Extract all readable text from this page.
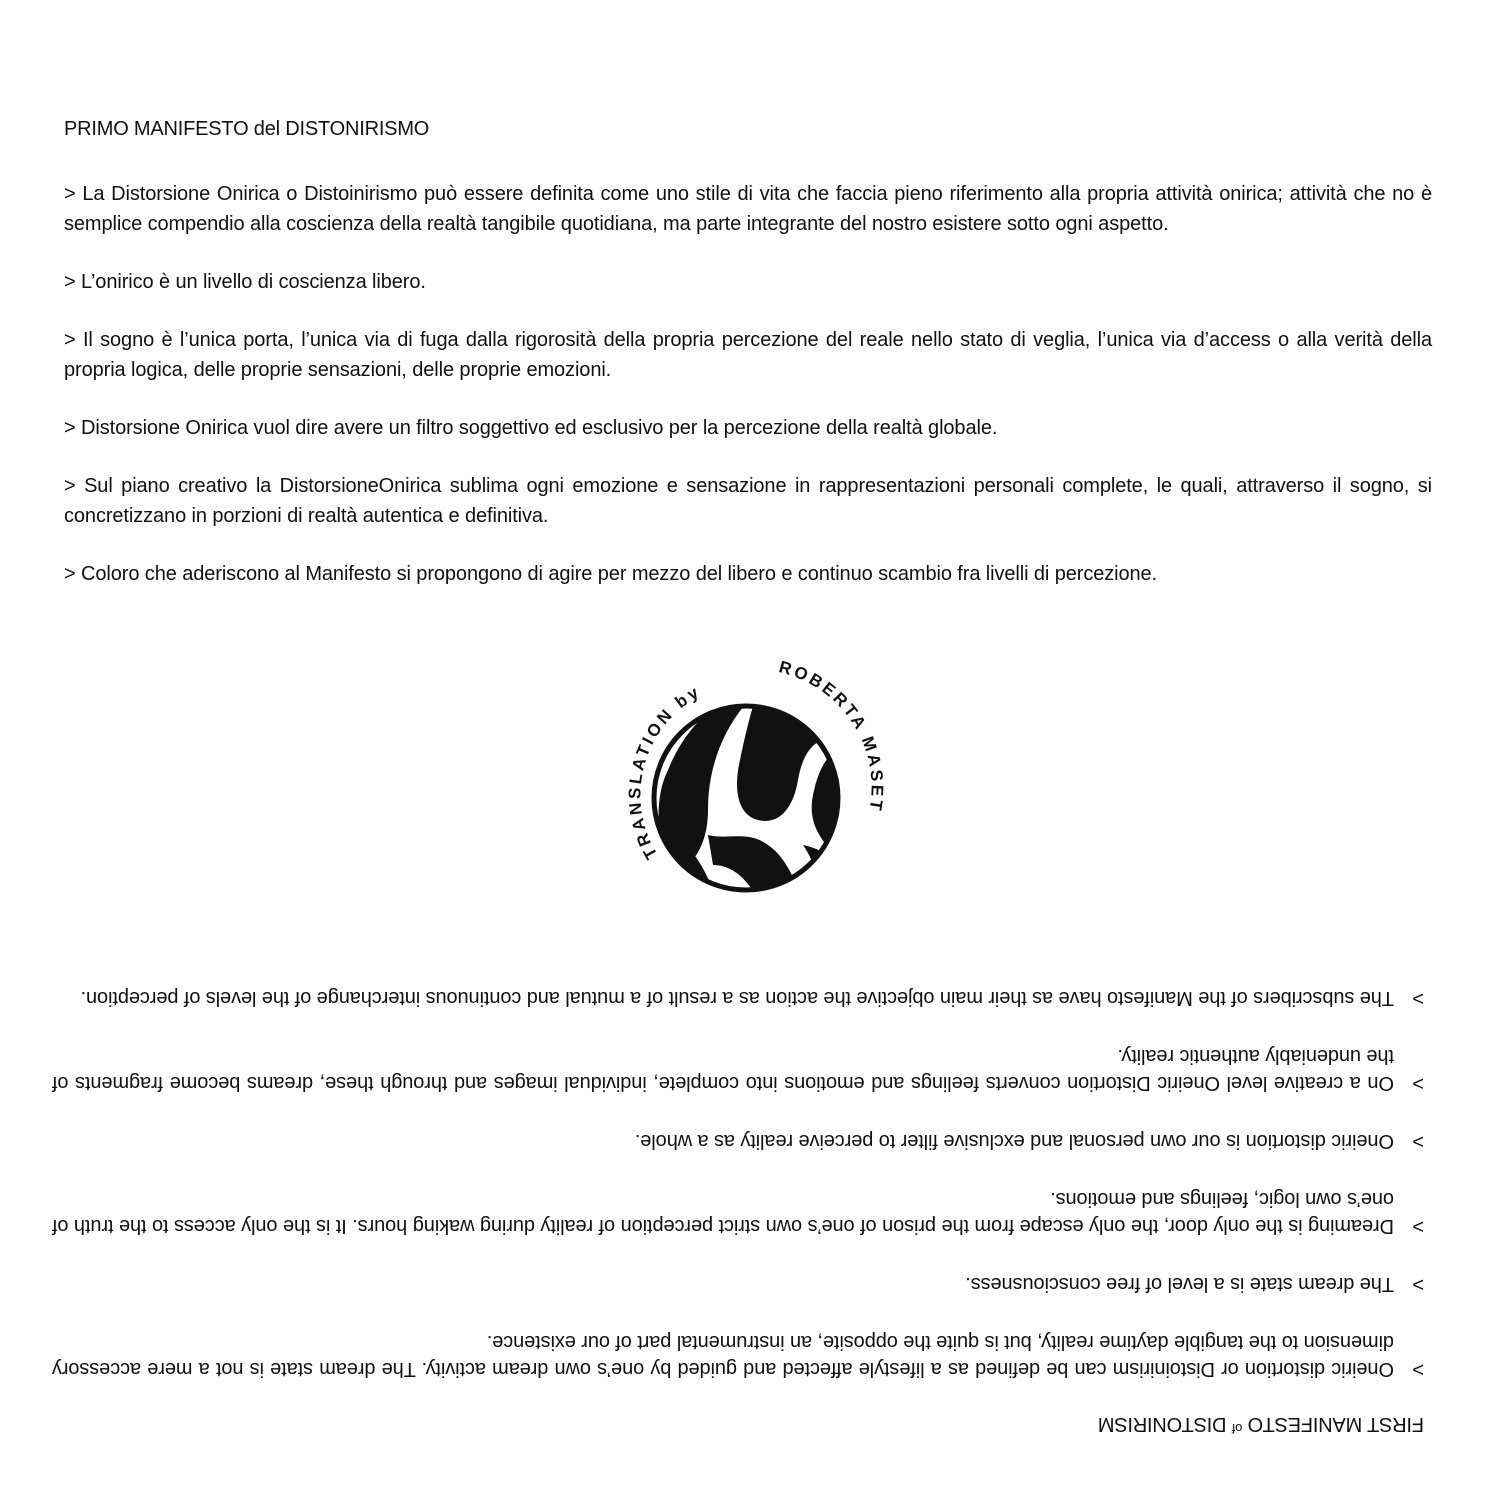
PRIMO MANIFESTO del DISTONIRISMO

> La Distorsione Onirica o Distoinirismo può essere definita come uno stile di vita che faccia pieno riferimento alla propria attività onirica; attività che no è semplice compendio alla coscienza della realtà tangibile quotidiana, ma parte integrante del nostro esistere sotto ogni aspetto.

> L’onirico è un livello di coscienza libero.

> Il sogno è l’unica porta, l’unica via di fuga dalla rigorosità della propria percezione del reale nello stato di veglia, l’unica via d’access o alla verità della propria logica, delle proprie sensazioni, delle proprie emozioni.

> Distorsione Onirica vuol dire avere un filtro soggettivo ed esclusivo per la percezione della realtà globale.

> Sul piano creativo la DistorsioneOnirica sublima ogni emozione e sensazione in rappresentazioni personali complete, le quali, attraverso il sogno, si concretizzano in porzioni di realtà autentica e definitiva.

> Coloro che aderiscono al Manifesto si propongono di agire per mezzo del libero e continuo scambio fra livelli di percezione.

TRANSLATION by
ROBERTA MASET
FIRST MANIFESTO $^{of}$ DISTONIRISM

>Oneiric distortion or Distoinirism can be defined as a lifestyle affected and guided by one’s own dream activity. The dream state is not a mere accessory dimension to the tangible daytime reality, but is quite the opposite, an instrumental part of our existence.

>The dream state is a level of free consciousness.

>Dreaming is the only door, the only escape from the prison of one’s own strict perception of reality during waking hours. It is the only access to the truth of one’s own logic, feelings and emotions.

>Oneiric distortion is our own personal and exclusive filter to perceive reality as a whole.

>On a creative level Oneiric Distortion converts feelings and emotions into complete, individual images and through these, dreams become fragments of the undeniably authentic reality.

>The subscribers of the Manifesto have as their main objective the action as a result of a mutual and continuous interchange of the levels of perception.
